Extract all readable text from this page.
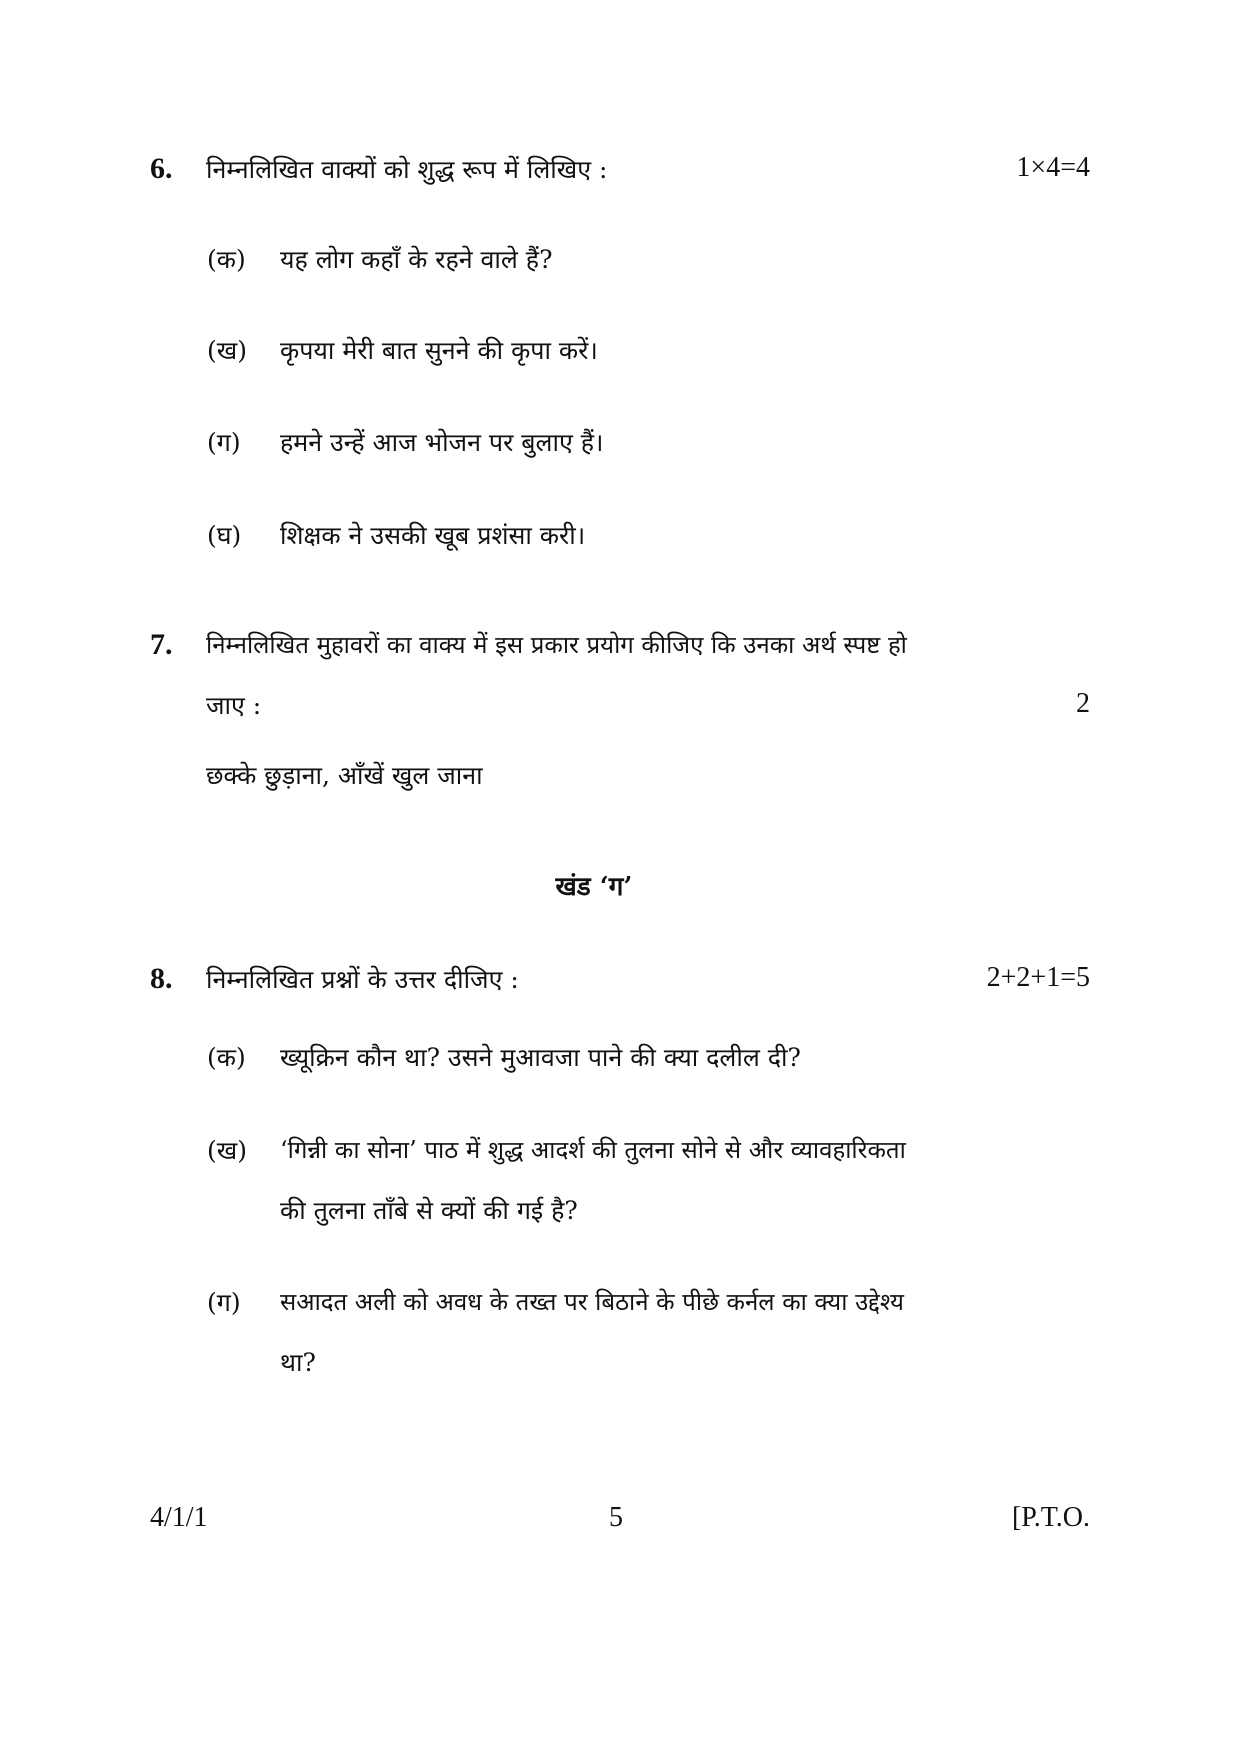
6. निम्नलिखित वाक्यों को शुद्ध रूप में लिखिए :	1×4=4
(क) यह लोग कहाँ के रहने वाले हैं?
(ख) कृपया मेरी बात सुनने की कृपा करें।
(ग) हमने उन्हें आज भोजन पर बुलाए हैं।
(घ) शिक्षक ने उसकी खूब प्रशंसा करी।
7. निम्नलिखित मुहावरों का वाक्य में इस प्रकार प्रयोग कीजिए कि उनका अर्थ स्पष्ट हो
जाए :	2
छक्के छुड़ाना, आँखें खुल जाना
खंड ‘ग’
8. निम्नलिखित प्रश्नों के उत्तर दीजिए :	2+2+1=5
(क) ख्यूक्रिन कौन था? उसने मुआवजा पाने की क्या दलील दी?
(ख) ‘गिन्नी का सोना’ पाठ में शुद्ध आदर्श की तुलना सोने से और व्यावहारिकता
की तुलना ताँबे से क्यों की गई है?
(ग) सआदत अली को अवध के तख्त पर बिठाने के पीछे कर्नल का क्या उद्देश्य
था?
4/1/1	5	[P.T.O.
